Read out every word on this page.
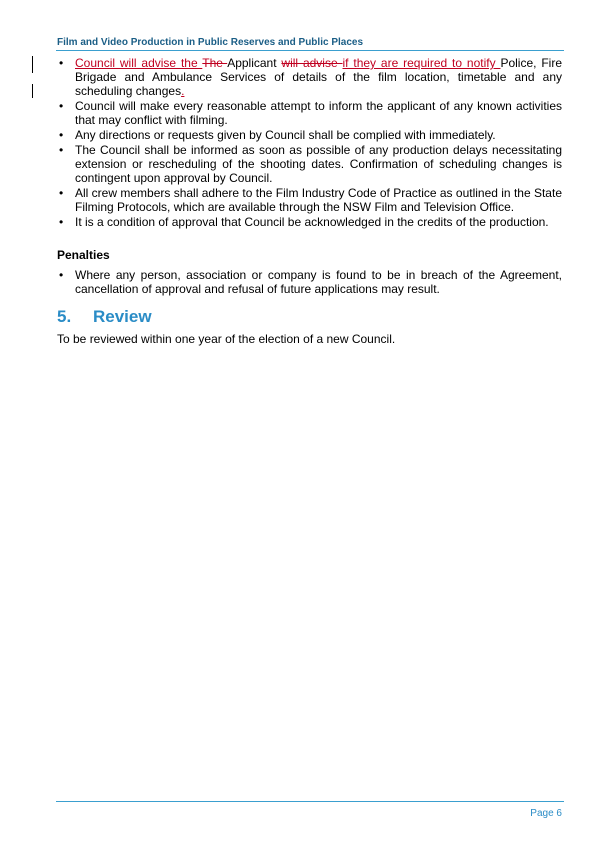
Film and Video Production in Public Reserves and Public Places
• Council will advise the The Applicant will advise if they are required to notify Police, Fire Brigade and Ambulance Services of details of the film location, timetable and any scheduling changes.
• Council will make every reasonable attempt to inform the applicant of any known activities that may conflict with filming.
• Any directions or requests given by Council shall be complied with immediately.
• The Council shall be informed as soon as possible of any production delays necessitating extension or rescheduling of the shooting dates. Confirmation of scheduling changes is contingent upon approval by Council.
• All crew members shall adhere to the Film Industry Code of Practice as outlined in the State Filming Protocols, which are available through the NSW Film and Television Office.
• It is a condition of approval that Council be acknowledged in the credits of the production.
Penalties
• Where any person, association or company is found to be in breach of the Agreement, cancellation of approval and refusal of future applications may result.
5. Review
To be reviewed within one year of the election of a new Council.
Page 6
